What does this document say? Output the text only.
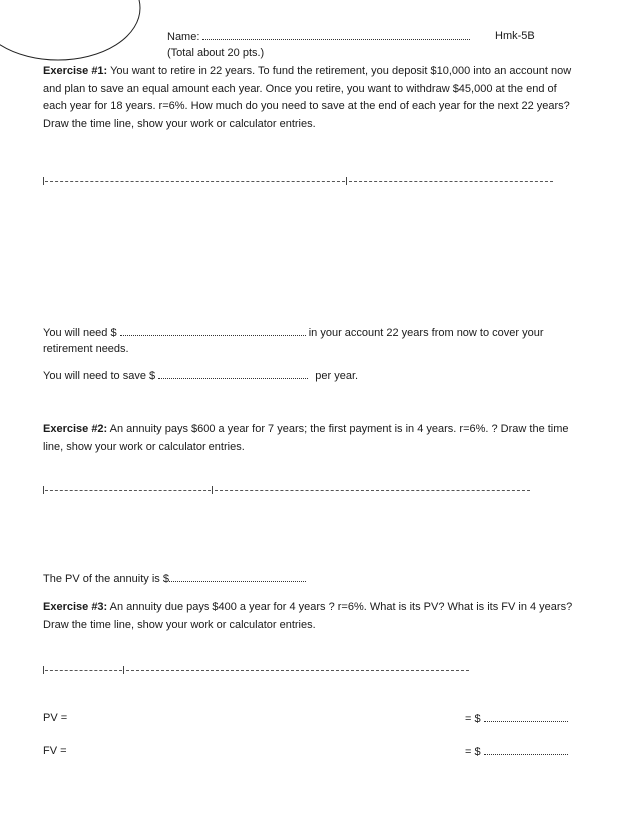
Name:	Hmk-5B
(Total about 20 pts.)
Exercise #1: You want to retire in 22 years. To fund the retirement, you deposit $10,000 into an account now and plan to save an equal amount each year. Once you retire, you want to withdraw $45,000 at the end of each year for 18 years. r=6%. How much do you need to save at the end of each year for the next 22 years? Draw the time line, show your work or calculator entries.
You will need $	in your account 22 years from now to cover your
retirement needs.
You will need to save $	per year.
Exercise #2: An annuity pays $600 a year for 7 years; the first payment is in 4 years. r=6%. ? Draw the time line, show your work or calculator entries.
The PV of the annuity is $
Exercise #3: An annuity due pays $400 a year for 4 years ? r=6%. What is its PV? What is its FV in 4 years? Draw the time line, show your work or calculator entries.
PV =	= $
FV =	= $
